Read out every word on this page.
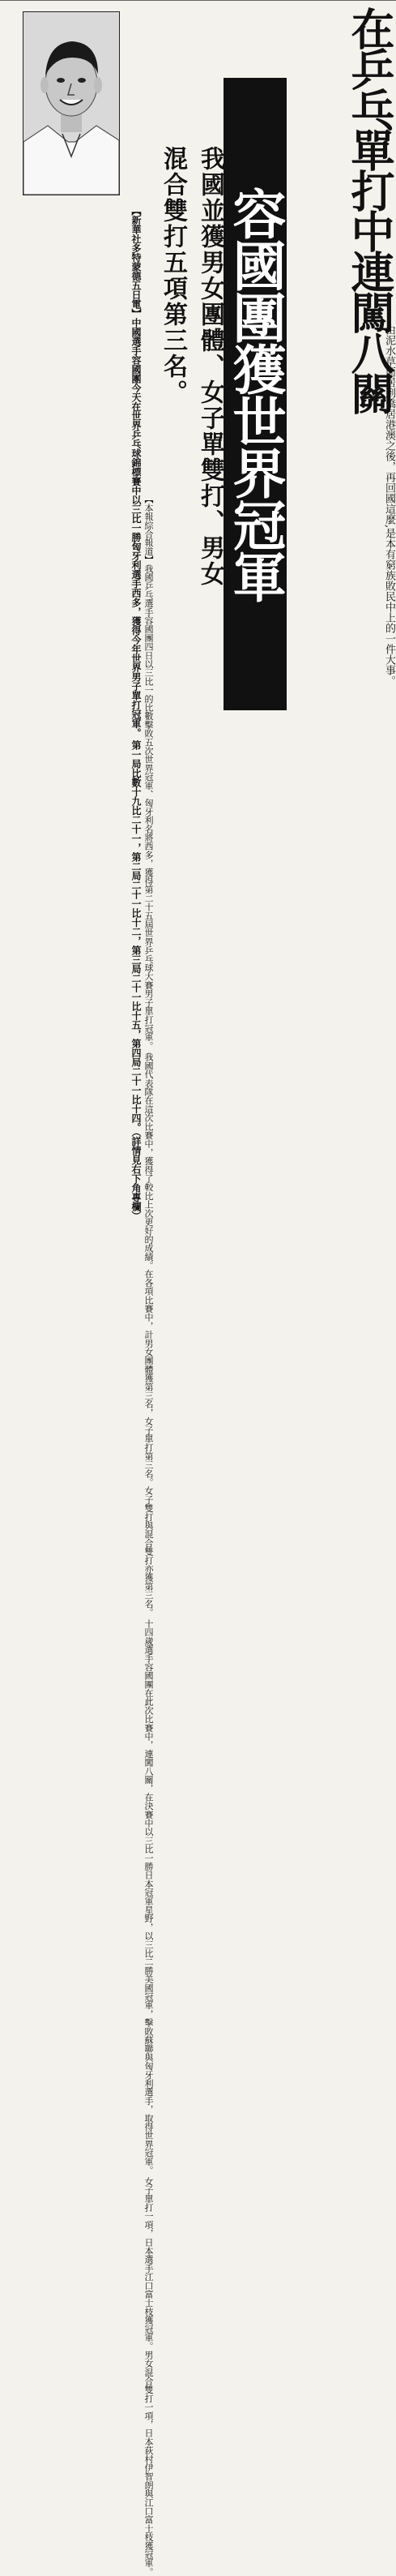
【新華社多特蒙德五日電】中國選手容國團今天在世界乒乓球錦標賽中以三比一勝匈牙利選手西多，獲得今年世界男子單打冠軍。 第一局比數十九比二十一，第二局二十一比十二，第三局二十一比十五，第四局二十一比十四。（詳情見右下角專欄）	在乒乓單打中連闖八關
容國團獲世界冠軍
我國並獲男女團體、女子單雙打、男女
混合雙打五項第三名。
由泥水草而居到僑居港澳之後，再回國這麼,是本有窮族敗民中上的一件大事。
【本報綜合報道】我國乒乓選手容國團四日以三比一的比數擊敗五次世界冠軍、匈牙利名將西多，獲得第二十五屆世界乒乓球大賽男子單打冠軍。 我國代表隊在這次比賽中，獲得了較比上次更好的成績。在各項比賽中，計男女團體獲第三名，女子單打第三名。女子雙打與混合雙打亦獲第三名。 十四歲選手容國團在此次比賽中，連闖八關，在決賽中以三比一勝日本冠軍星野，以三比二勝美國冠軍，擊敗蘇聯與匈牙利選手，取得世界冠軍。 女子單打一項，日本選手江口富士枝獲冠軍。男女混合雙打一項，日本荻村伊智朗與江口富士枝獲冠軍。
